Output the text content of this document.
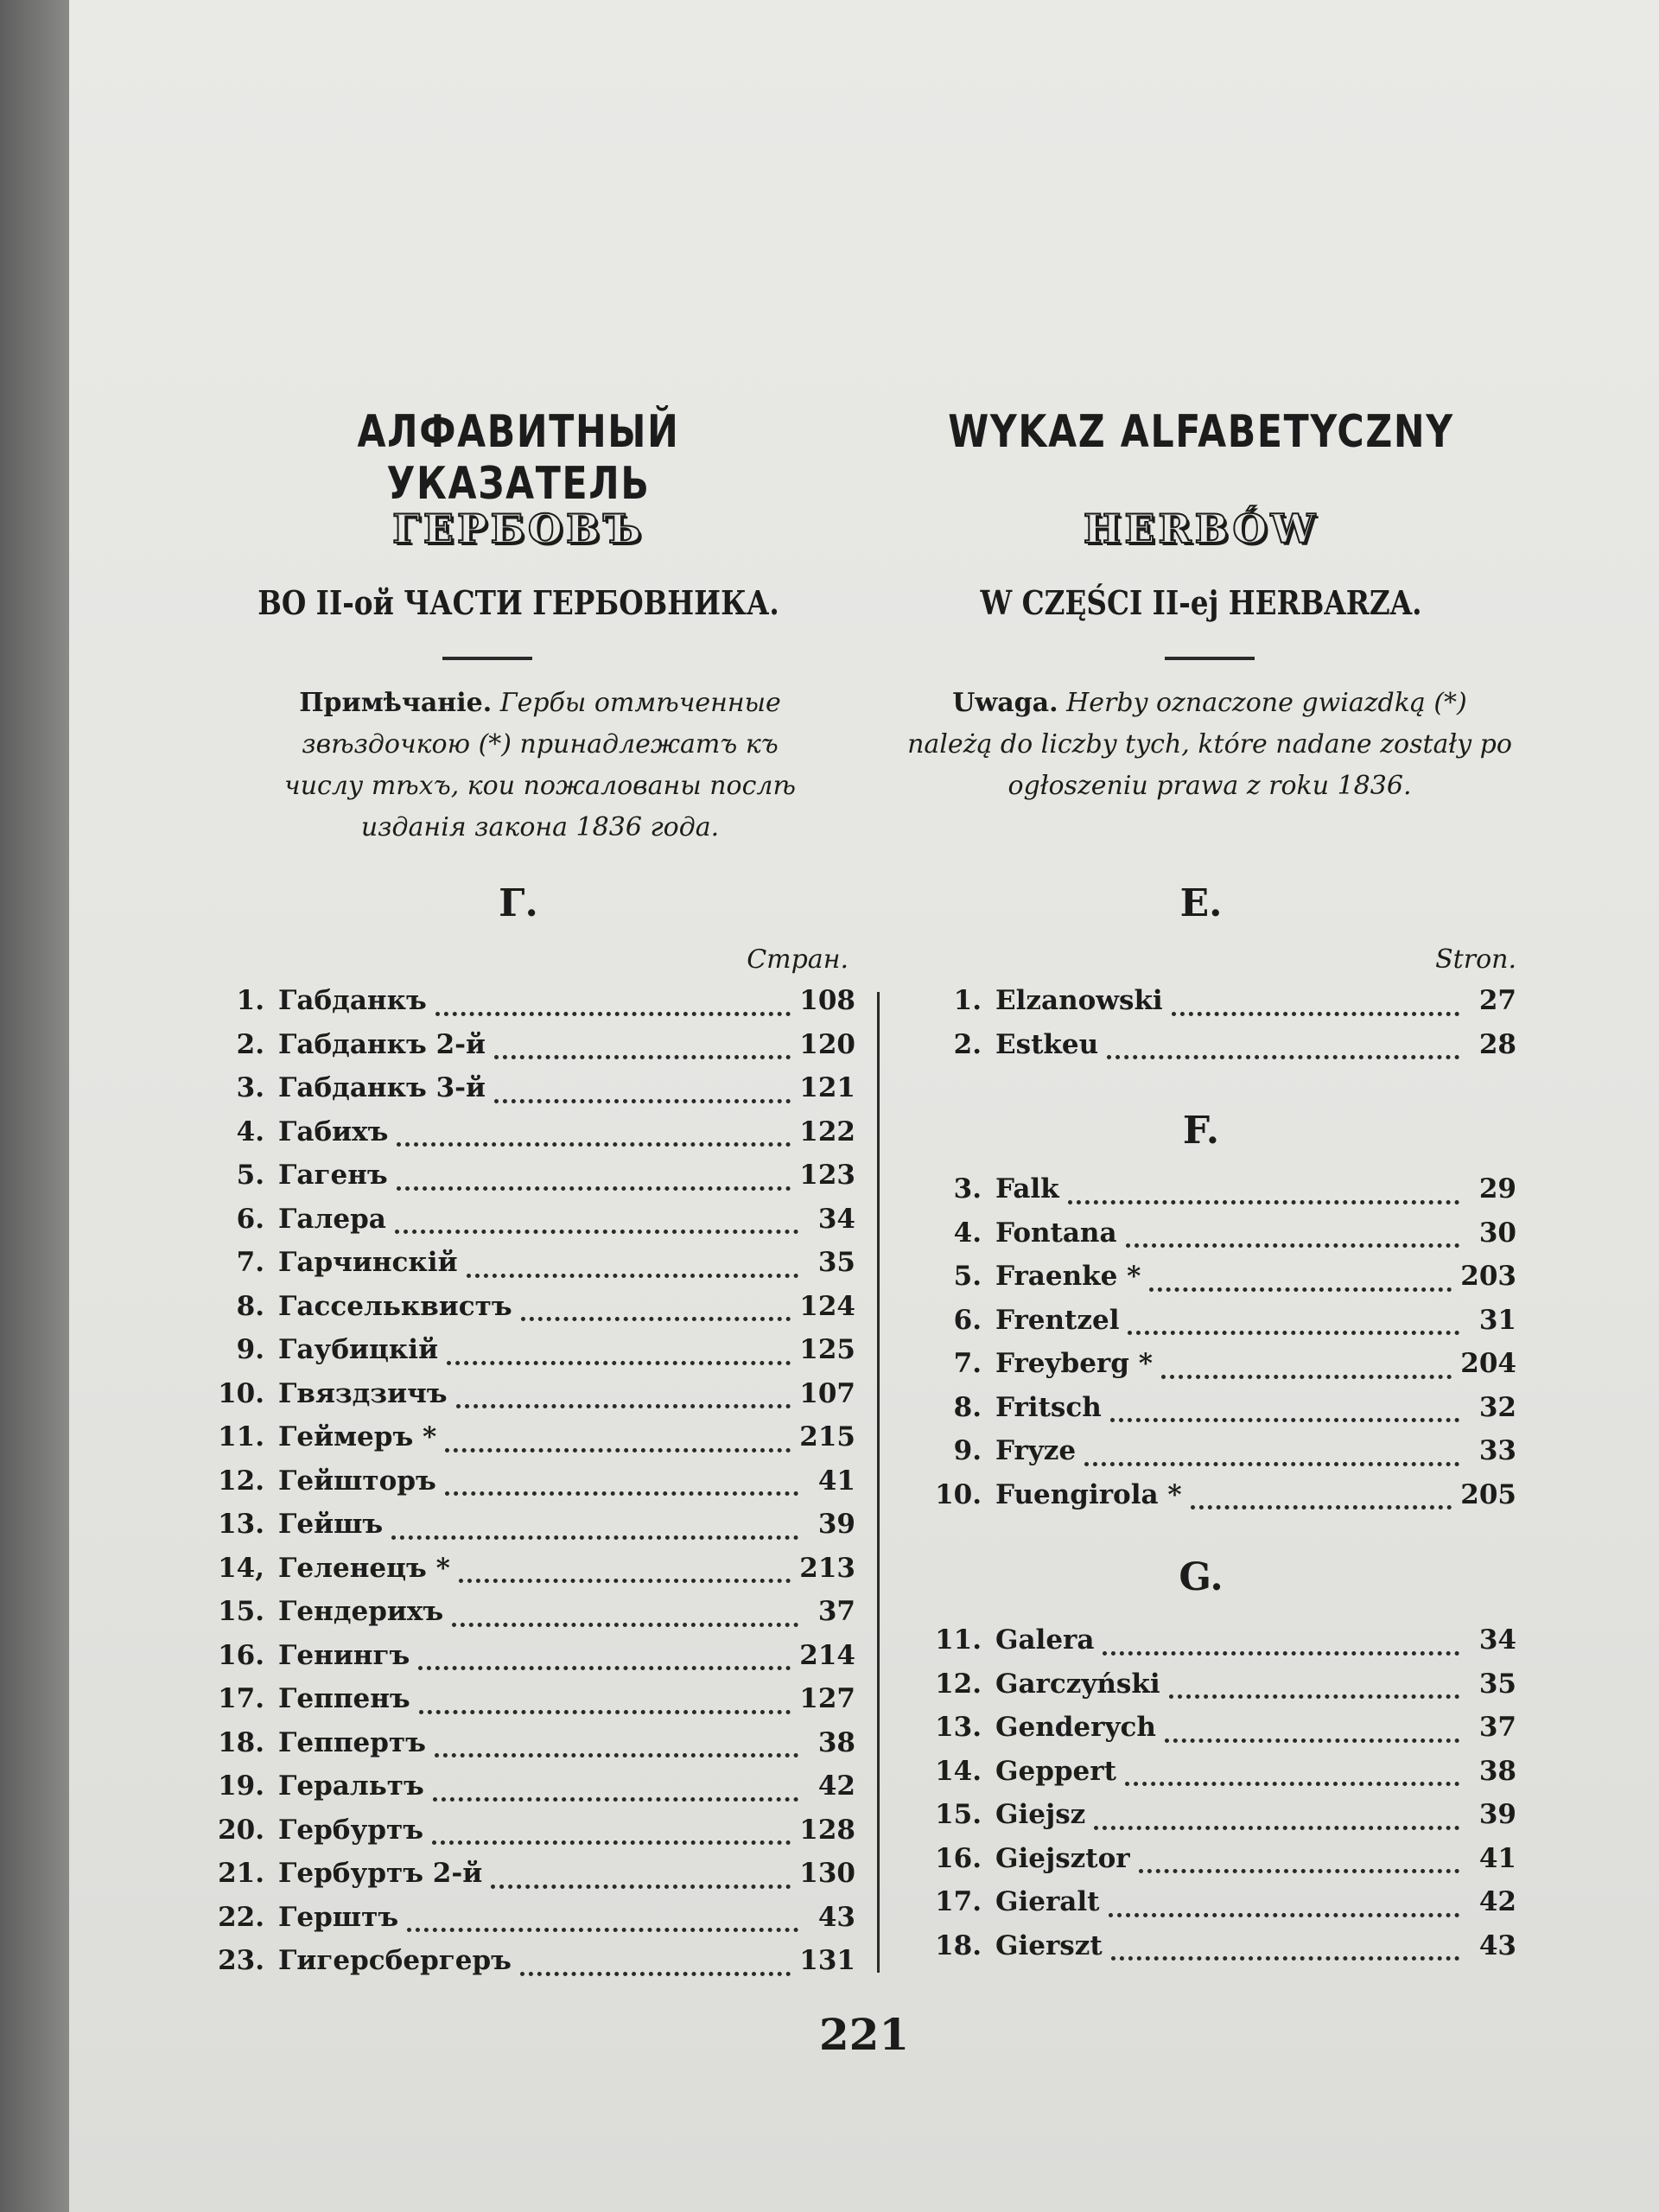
АЛФАВИТНЫЙ УКАЗАТЕЛЬ
ГЕРБОВЪ
ВО II-ой ЧАСТИ ГЕРБОВНИКА.
Примѣчаніе. Гербы отмѣченные звѣздочкою (*) принадлежатъ къ числу тѣхъ, кои пожалованы послѣ изданія закона 1836 года.
Г.
Стран.
1. Габданкъ	108
2. Габданкъ 2-й	120
3. Габданкъ 3-й	121
4. Габихъ	122
5. Гагенъ	123
6. Галера	34
7. Гарчинскій	35
8. Гассельквистъ	124
9. Гаубицкій	125
10. Гвяздзичъ	107
11. Геймеръ *	215
12. Гейшторъ	41
13. Гейшъ	39
14, Геленецъ *	213
15. Гендерихъ	37
16. Генингъ	214
17. Геппенъ	127
18. Геппертъ	38
19. Геральтъ	42
20. Гербуртъ	128
21. Гербуртъ 2-й	130
22. Герштъ	43
23. Гигерсбергеръ	131
WYKAZ ALFABETYCZNY
HERBÓW
W CZĘŚCI II-ej HERBARZA.
Uwaga. Herby oznaczone gwiazdką (*) należą do liczby tych, które nadane zostały po ogłoszeniu prawa z roku 1836.
Stron.
1. Elzanowski	27
2. Estkeu	28
3. Falk	29
4. Fontana	30
5. Fraenke *	203
6. Frentzel	31
7. Freyberg *	204
8. Fritsch	32
9. Fryze	33
10. Fuengirola *	205
11. Galera	34
12. Garczyński	35
13. Genderych	37
14. Geppert	38
15. Giejsz	39
16. Giejsztor	41
17. Gieralt	42
18. Gierszt	43
E.
F.
G.
221
